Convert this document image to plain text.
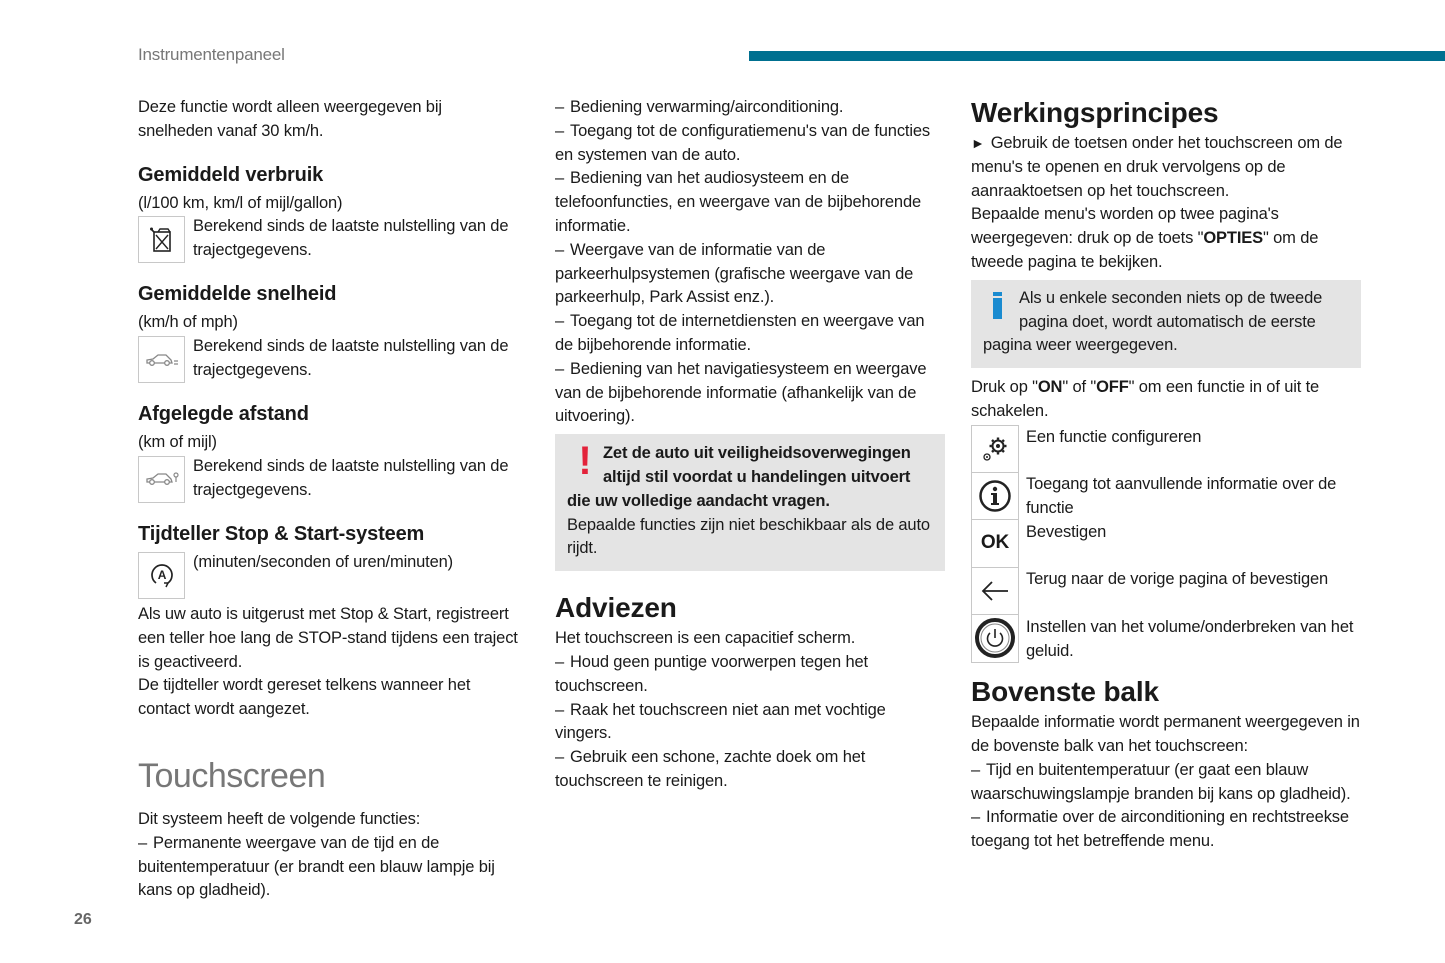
Instrumentenpaneel

Deze functie wordt alleen weergegeven bij

snelheden vanaf 30 km/h.

Gemiddeld verbruik

(l/100 km, km/l of mijl/gallon)

Berekend sinds de laatste nulstelling van de trajectgegevens.
Gemiddelde snelheid

(km/h of mph)

Berekend sinds de laatste nulstelling van de trajectgegevens.
Afgelegde afstand

(km of mijl)

Berekend sinds de laatste nulstelling van de trajectgegevens.
Tijdteller Stop & Start-systeem
A
(minuten/seconden of uren/minuten)

Als uw auto is uitgerust met Stop & Start, registreert een teller hoe lang de STOP-stand tijdens een traject is geactiveerd.

De tijdteller wordt gereset telkens wanneer het contact wordt aangezet.

Touchscreen

Dit systeem heeft de volgende functies:

– Permanente weergave van de tijd en de buitentemperatuur (er brandt een blauw lampje bij kans op gladheid).

– Bediening verwarming/airconditioning.

– Toegang tot de configuratiemenu's van de functies en systemen van de auto.

– Bediening van het audiosysteem en de telefoonfuncties, en weergave van de bijbehorende informatie.

– Weergave van de informatie van de parkeerhulpsystemen (grafische weergave van de parkeerhulp, Park Assist enz.).

– Toegang tot de internetdiensten en weergave van de bijbehorende informatie.

– Bediening van het navigatiesysteem en weergave van de bijbehorende informatie (afhankelijk van de uitvoering).

! Zet de auto uit veiligheidsoverwegingen altijd stil voordat u handelingen uitvoert die uw volledige aandacht vragen.
Bepaalde functies zijn niet beschikbaar als de auto rijdt.
Adviezen

Het touchscreen is een capacitief scherm.

– Houd geen puntige voorwerpen tegen het touchscreen.

– Raak het touchscreen niet aan met vochtige vingers.

– Gebruik een schone, zachte doek om het touchscreen te reinigen.

Werkingsprincipes

► Gebruik de toetsen onder het touchscreen om de menu's te openen en druk vervolgens op de aanraaktoetsen op het touchscreen.

Bepaalde menu's worden op twee pagina's weergegeven: druk op de toets "OPTIES" om de tweede pagina te bekijken.

Als u enkele seconden niets op de tweede pagina doet, wordt automatisch de eerste pagina weer weergegeven.

Druk op "ON" of "OFF" om een functie in of uit te schakelen.

Een functie configureren
Toegang tot aanvullende informatie over de functie
OK
Bevestigen
Terug naar de vorige pagina of bevestigen
Instellen van het volume/onderbreken van het geluid.
Bovenste balk

Bepaalde informatie wordt permanent weergegeven in de bovenste balk van het touchscreen:

– Tijd en buitentemperatuur (er gaat een blauw waarschuwingslampje branden bij kans op gladheid).

– Informatie over de airconditioning en rechtstreekse toegang tot het betreffende menu.

26
